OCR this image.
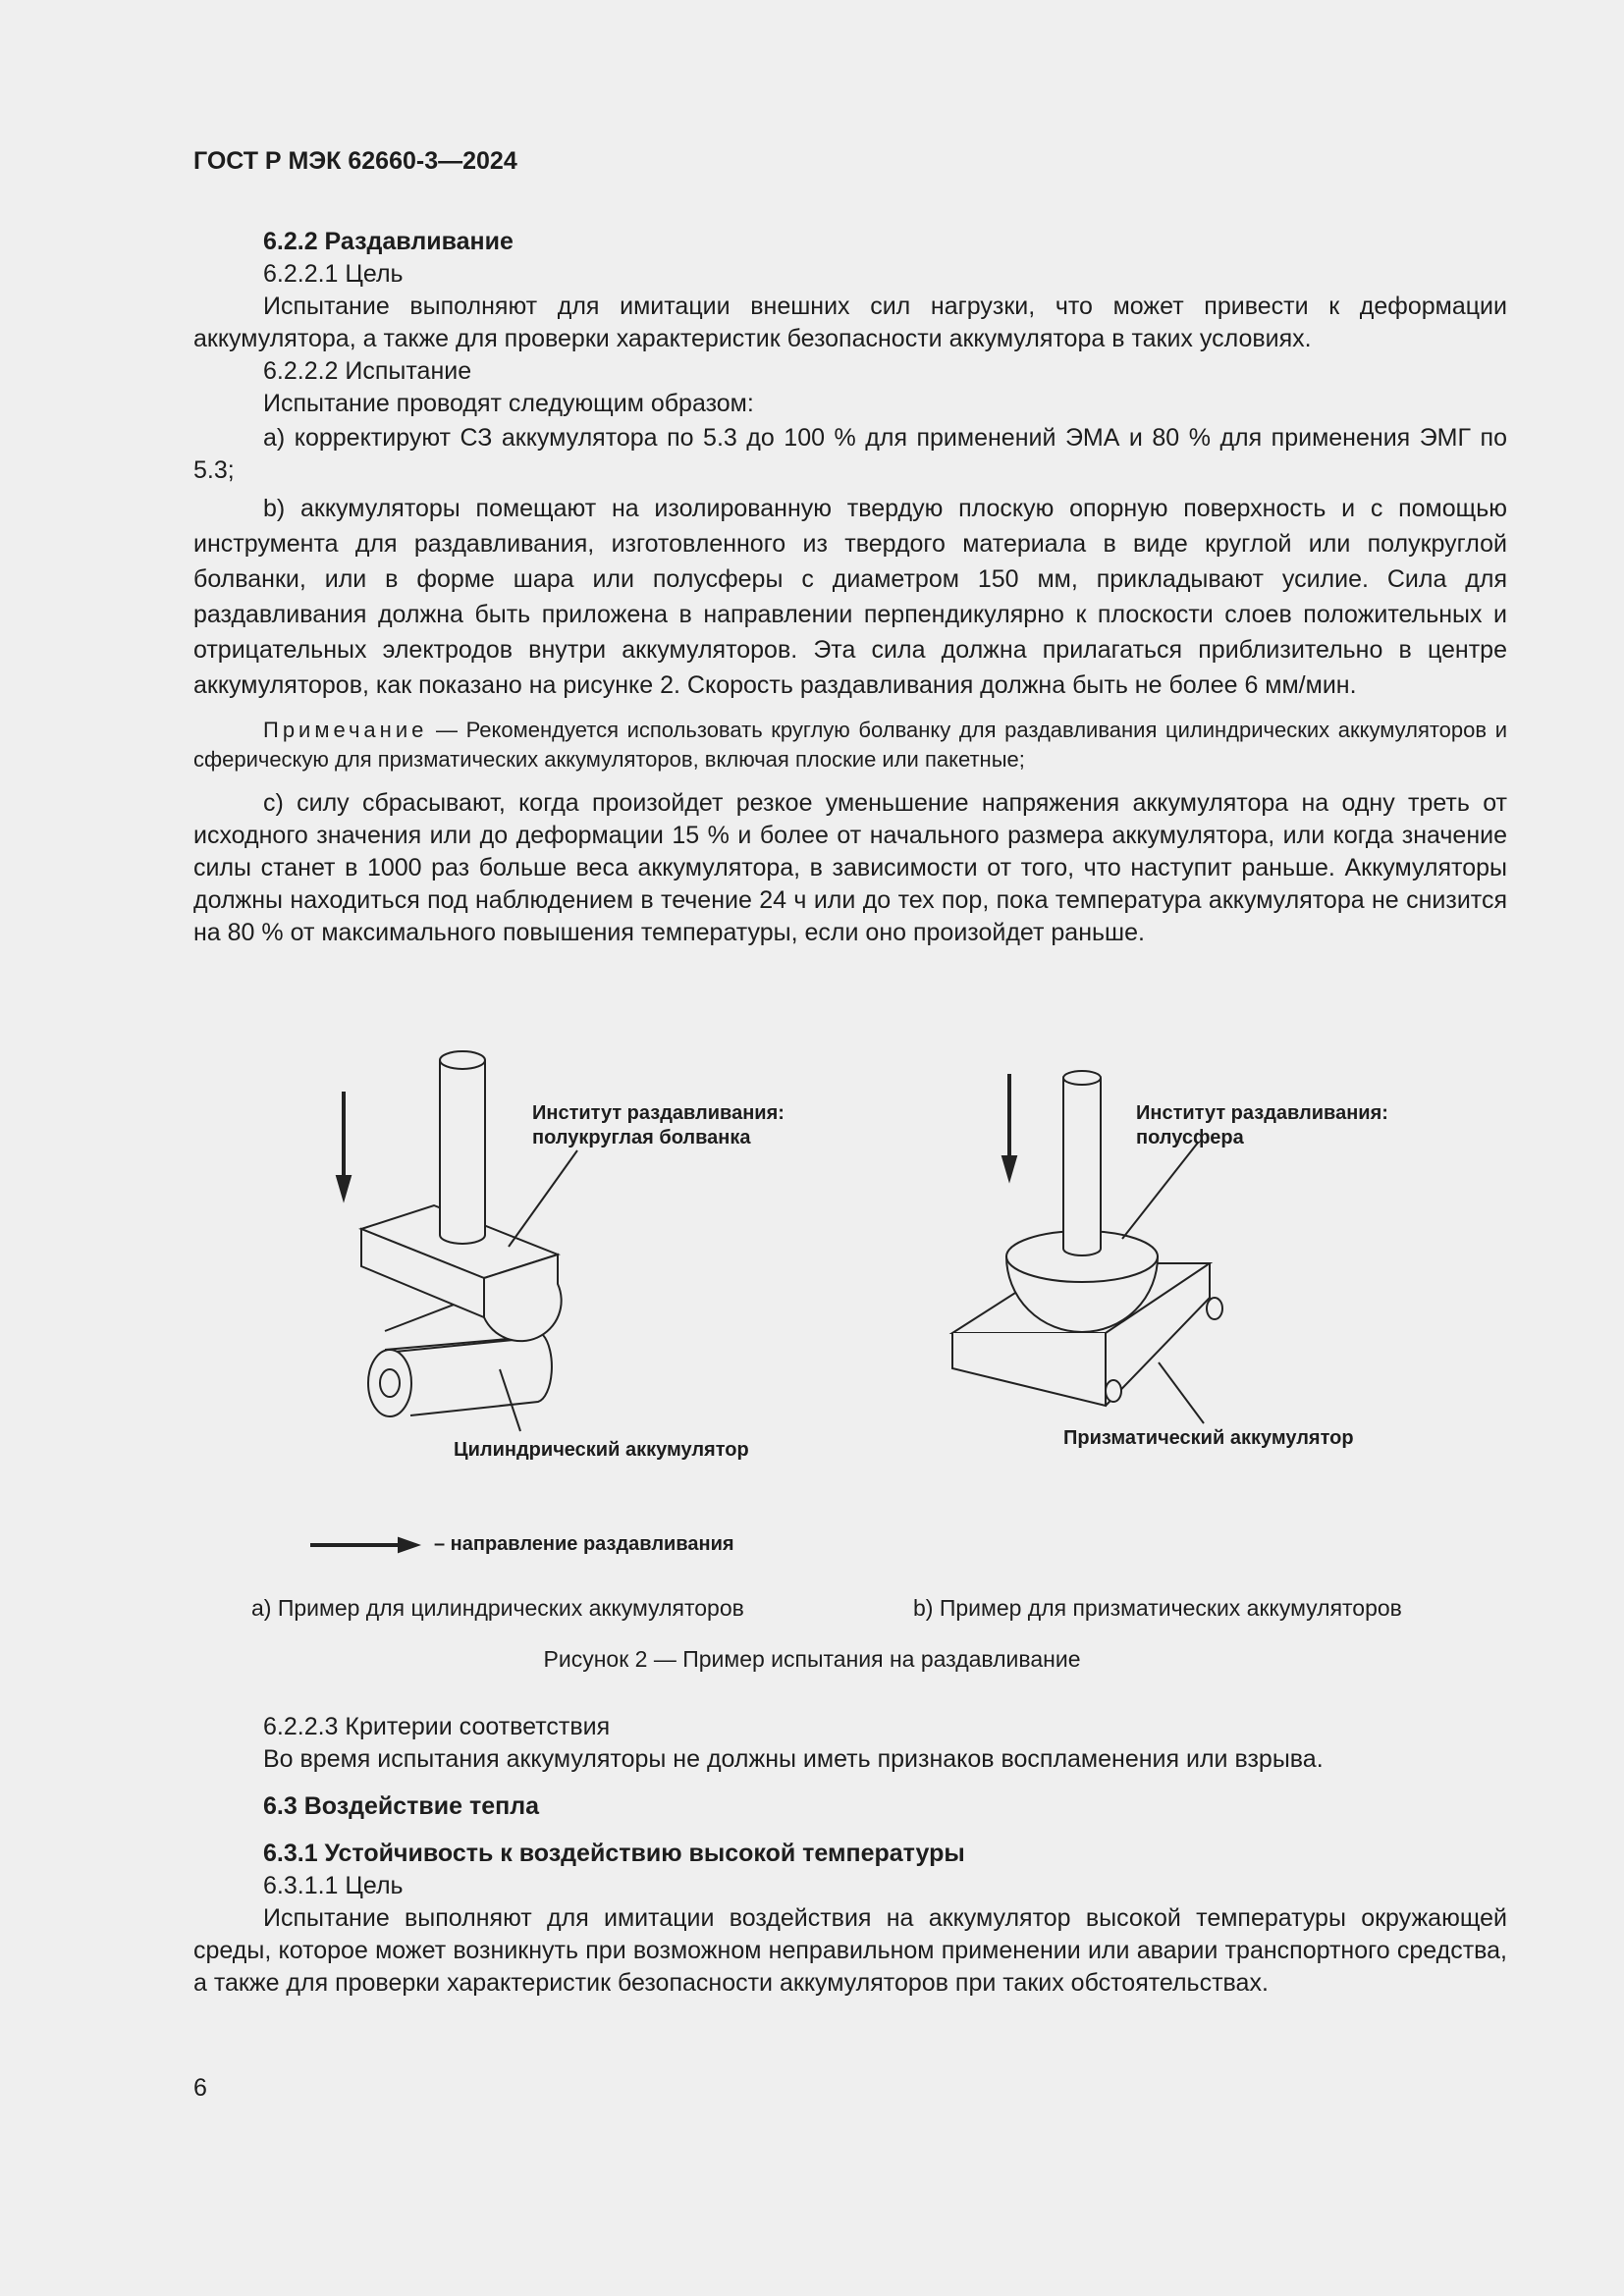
ГОСТ Р МЭК 62660-3—2024

6.2.2 Раздавливание

6.2.2.1 Цель

Испытание выполняют для имитации внешних сил нагрузки, что может привести к деформации аккумулятора, а также для проверки характеристик безопасности аккумулятора в таких условиях.

6.2.2.2 Испытание

Испытание проводят следующим образом:

a) корректируют СЗ аккумулятора по 5.3 до 100 % для применений ЭМА и 80 % для применения ЭМГ по 5.3;

b) аккумуляторы помещают на изолированную твердую плоскую опорную поверхность и с помощью инструмента для раздавливания, изготовленного из твердого материала в виде круглой или полукруглой болванки, или в форме шара или полусферы с диаметром 150 мм, прикладывают усилие. Сила для раздавливания должна быть приложена в направлении перпендикулярно к плоскости слоев положительных и отрицательных электродов внутри аккумуляторов. Эта сила должна прилагаться приблизительно в центре аккумуляторов, как показано на рисунке 2. Скорость раздавливания должна быть не более 6 мм/мин.

Примечание — Рекомендуется использовать круглую болванку для раздавливания цилиндрических аккумуляторов и сферическую для призматических аккумуляторов, включая плоские или пакетные;

c) силу сбрасывают, когда произойдет резкое уменьшение напряжения аккумулятора на одну треть от исходного значения или до деформации 15 % и более от начального размера аккумулятора, или когда значение силы станет в 1000 раз больше веса аккумулятора, в зависимости от того, что наступит раньше. Аккумуляторы должны находиться под наблюдением в течение 24 ч или до тех пор, пока температура аккумулятора не снизится на 80 % от максимального повышения температуры, если оно произойдет раньше.

Институт раздавливания:
полукруглая болванка
Цилиндрический аккумулятор
Институт раздавливания:
полусфера
Призматический аккумулятор
– направление раздавливания
a) Пример для цилиндрических аккумуляторов	b) Пример для призматических аккумуляторов
Рисунок 2 — Пример испытания на раздавливание

6.2.2.3 Критерии соответствия

Во время испытания аккумуляторы не должны иметь признаков воспламенения или взрыва.

6.3 Воздействие тепла

6.3.1 Устойчивость к воздействию высокой температуры

6.3.1.1 Цель

Испытание выполняют для имитации воздействия на аккумулятор высокой температуры окружающей среды, которое может возникнуть при возможном неправильном применении или аварии транспортного средства, а также для проверки характеристик безопасности аккумуляторов при таких обстоятельствах.

6
